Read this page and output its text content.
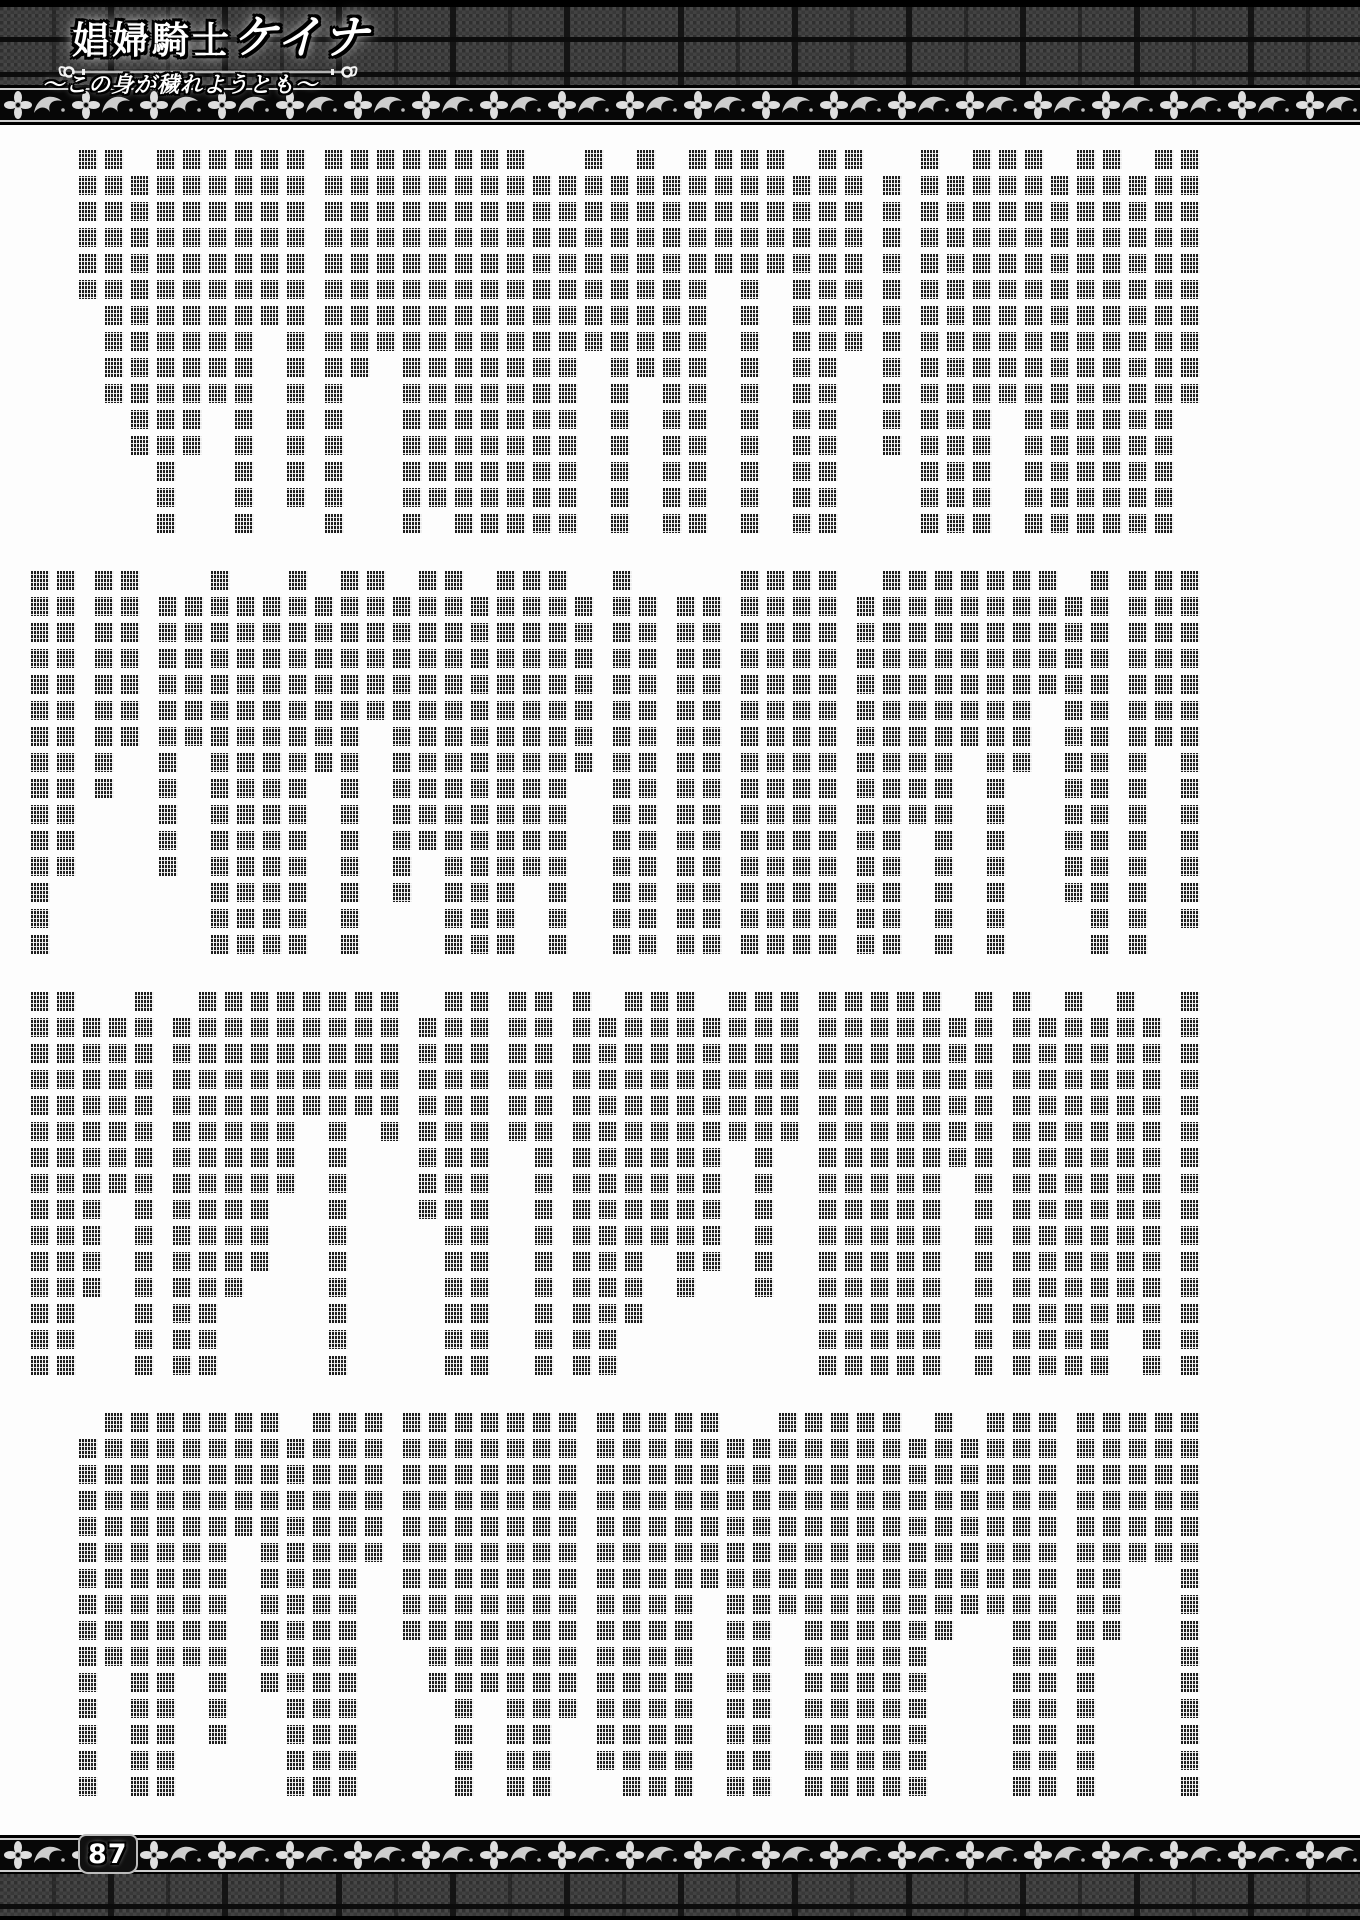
娼婦騎士ケイナ
～この身が穢れようとも～
87
